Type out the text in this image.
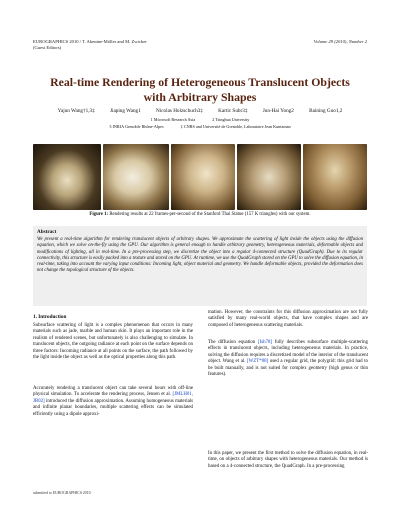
EUROGRAPHICS 2010 / T. Akenine-Möller and M. Zwicker
(Guest Editors)
Volume 29 (2010), Number 2
Real-time Rendering of Heterogeneous Translucent Objects
with Arbitrary Shapes
Yajun Wang†1,3‡	Jiaping Wang1	Nicolas Holzschuch3‡	Kartic Subr3‡	Jun-Hai Yong2	Baining Guo1,2
1 Microsoft Research Asia	2 Tsinghua University
3 INRIA Grenoble Rhône-Alpes	‡ CNRS and Université de Grenoble, Laboratoire Jean Kuntzman
Figure 1: Rendering results at 22 frames-per-second of the Stanford Thai Statue (157 K triangles) with our system.
Abstract
We present a real-time algorithm for rendering translucent objects of arbitrary shapes. We approximate the scattering of light inside the objects using the diffusion equation, which we solve on-the-fly using the GPU. Our algorithm is general enough to handle arbitrary geometry, heterogeneous materials, deformable objects and modifications of lighting, all in real-time. In a pre-processing step, we discretize the object into a regular 4-connected structure (QuadGraph). Due to its regular connectivity, this structure is easily packed into a texture and stored on the GPU. At runtime, we use the QuadGraph stored on the GPU to solve the diffusion equation, in real-time, taking into account the varying input conditions: Incoming light, object material and geometry. We handle deformable objects, provided the deformation does not change the topological structure of the objects.
1. Introduction
Subsurface scattering of light is a complex phenomenon that occurs in many materials such as jade, marble and human skin. It plays an important role in the realism of rendered scenes, but unfortunately is also challenging to simulate. In translucent objects, the outgoing radiance at each point on the surface depends on three factors: Incoming radiance at all points on the surface, the path followed by the light inside the object as well as the optical properties along this path.
Accurately rendering a translucent object can take several hours with off-line physical simulation. To accelerate the rendering process, Jensen et al. [JMLH01, JB02] introduced the diffusion approximation. Assuming homogeneous materials and infinite planar boundaries, multiple scattering effects can be simulated efficiently using a dipole approxi-
submitted to EUROGRAPHICS 2010.
mation. However, the constraints for this diffusion approximation are not fully satisfied by many real-world objects, that have complex shapes and are composed of heterogeneous scattering materials.
The diffusion equation [Ish78] fully describes subsurface multiple-scattering effects in translucent objects, including heterogeneous materials. In practice, solving the diffusion requires a discretized model of the interior of the translucent object. Wang et al. [WZT*08] used a regular grid, the polygrid: this grid had to be built manually, and is not suited for complex geometry (high genus or thin features).
In this paper, we present the first method to solve the diffusion equation, in real-time, on objects of arbitrary shapes with heterogeneous materials. Our method is based on a 4-connected structure, the QuadGraph. In a pre-processing
